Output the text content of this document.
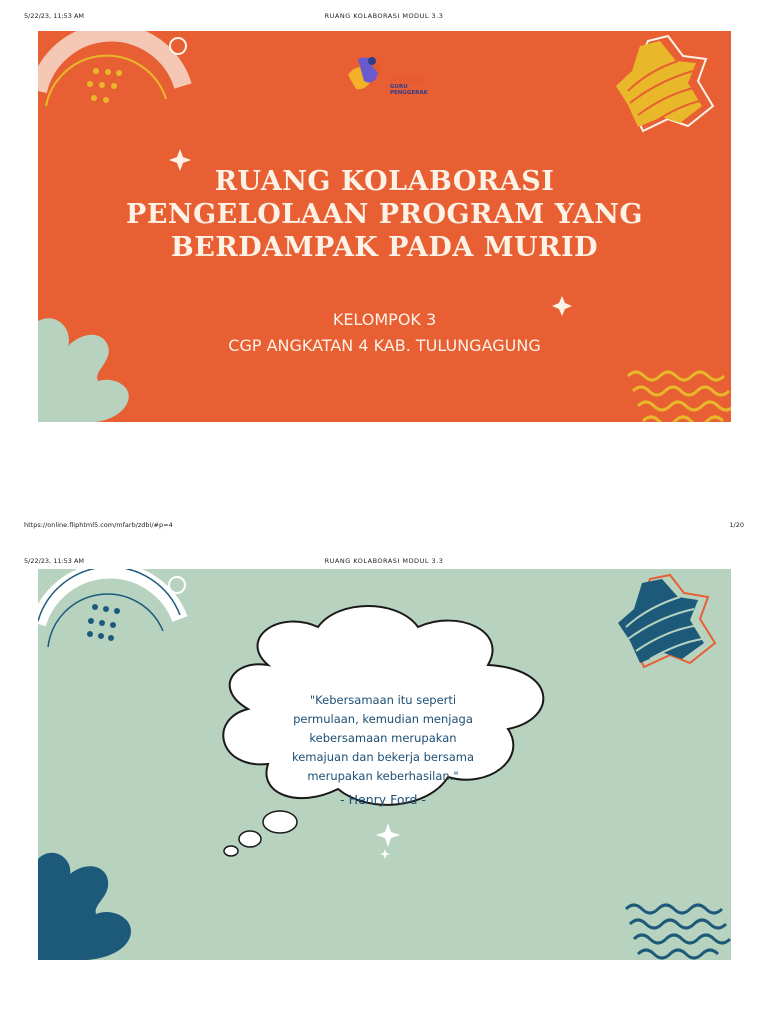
5/22/23, 11:53 AM	RUANG KOLABORASI MODUL 3.3
PENDIDIKAN
GURU
PENGGERAK
RUANG KOLABORASI
PENGELOLAAN PROGRAM YANG
BERDAMPAK PADA MURID
KELOMPOK 3
CGP ANGKATAN 4 KAB. TULUNGAGUNG
https://online.fliphtml5.com/mfarb/zdbi/#p=4	1/20
5/22/23, 11:53 AM	RUANG KOLABORASI MODUL 3.3
"Kebersamaan itu seperti
permulaan, kemudian menjaga
kebersamaan merupakan
kemajuan dan bekerja bersama
merupakan keberhasilan."
- Henry Ford -
